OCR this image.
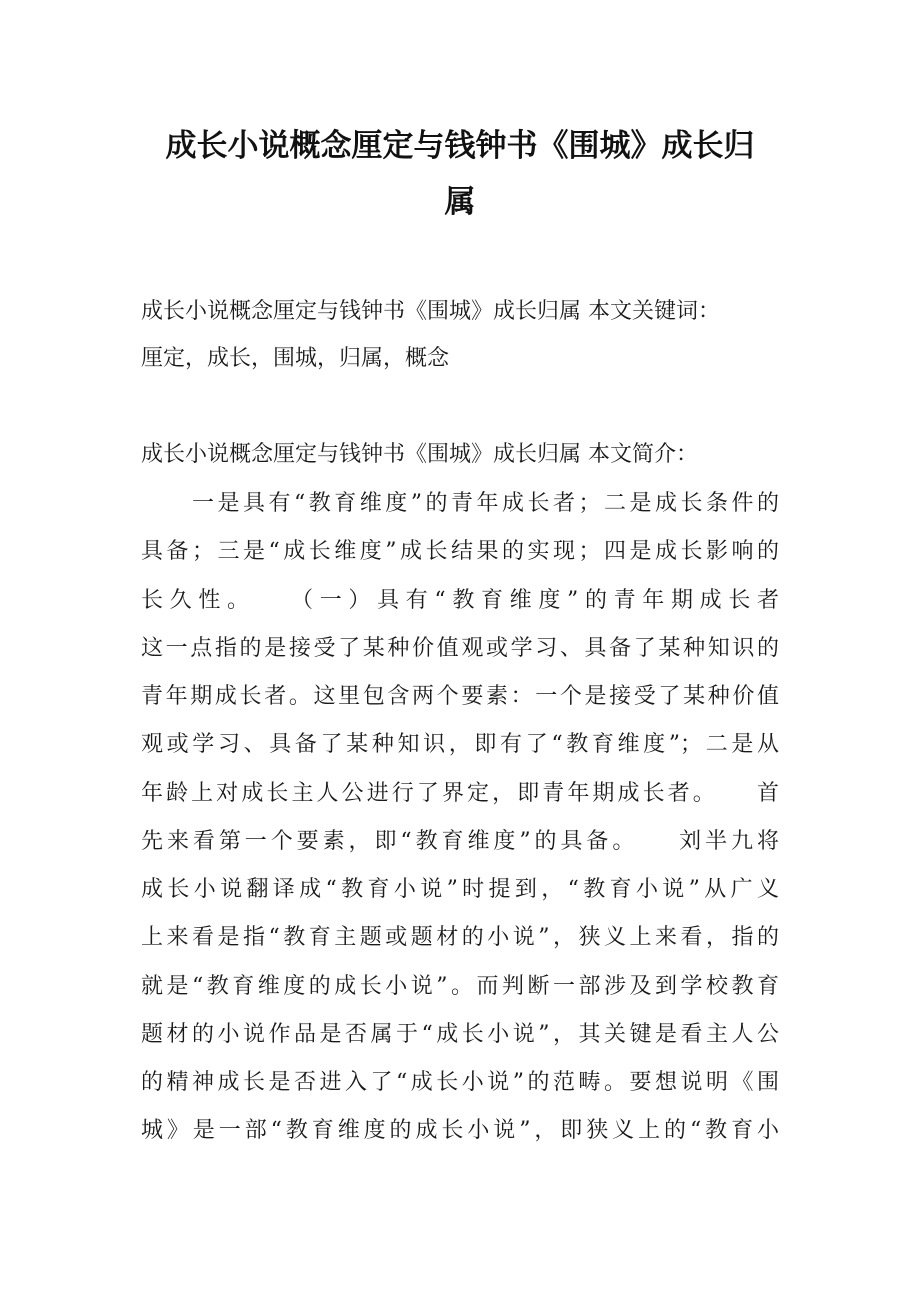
成长小说概念厘定与钱钟书《围城》成长归
属
成长小说概念厘定与钱钟书《围城》成长归属 本文关键词：
厘定，成长，围城，归属，概念
成长小说概念厘定与钱钟书《围城》成长归属 本文简介：
　　一是具有“教育维度”的青年成长者；二是成长条件的
具备；三是“成长维度”成长结果的实现；四是成长影响的
长久性。　　（一）具有“教育维度”的青年期成长者
这一点指的是接受了某种价值观或学习、具备了某种知识的
青年期成长者。这里包含两个要素：一个是接受了某种价值
观或学习、具备了某种知识，即有了“教育维度”；二是从
年龄上对成长主人公进行了界定，即青年期成长者。　　首
先来看第一个要素，即“教育维度”的具备。　　刘半九将
成长小说翻译成“教育小说”时提到，“教育小说”从广义
上来看是指“教育主题或题材的小说”，狭义上来看，指的
就是“教育维度的成长小说”。而判断一部涉及到学校教育
题材的小说作品是否属于“成长小说”，其关键是看主人公
的精神成长是否进入了“成长小说”的范畴。要想说明《围
城》是一部“教育维度的成长小说”，即狭义上的“教育小
